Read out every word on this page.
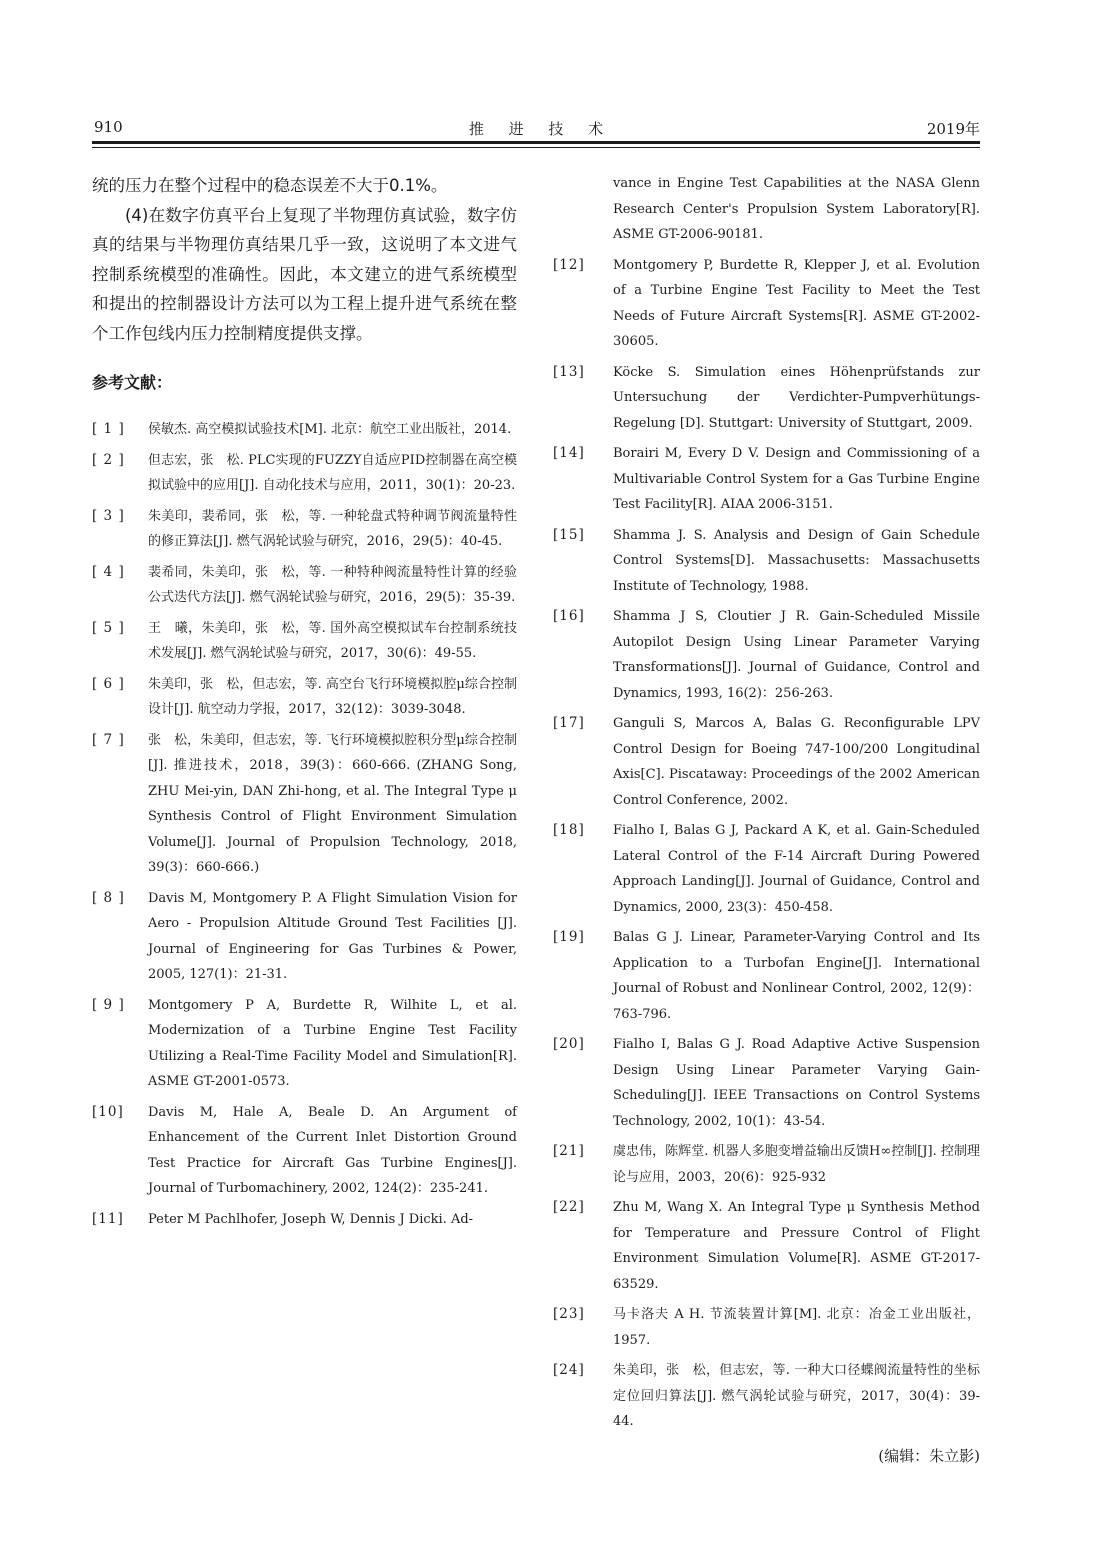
910	推 进 技 术	2019年

统的压力在整个过程中的稳态误差不大于0.1%。

(4)在数字仿真平台上复现了半物理仿真试验，数字仿真的结果与半物理仿真结果几乎一致，这说明了本文进气控制系统模型的准确性。因此，本文建立的进气系统模型和提出的控制器设计方法可以为工程上提升进气系统在整个工作包线内压力控制精度提供支撑。

参考文献：
[ 1 ]	侯敏杰. 高空模拟试验技术[M]. 北京：航空工业出版社，2014.
[ 2 ]	但志宏，张　松. PLC实现的FUZZY自适应PID控制器在高空模拟试验中的应用[J]. 自动化技术与应用，2011，30(1)：20-23.
[ 3 ]	朱美印，裴希同，张　松，等. 一种轮盘式特种调节阀流量特性的修正算法[J]. 燃气涡轮试验与研究，2016，29(5)：40-45.
[ 4 ]	裴希同，朱美印，张　松，等. 一种特种阀流量特性计算的经验公式迭代方法[J]. 燃气涡轮试验与研究，2016，29(5)：35-39.
[ 5 ]	王　曦，朱美印，张　松，等. 国外高空模拟试车台控制系统技术发展[J]. 燃气涡轮试验与研究，2017，30(6)：49-55.
[ 6 ]	朱美印，张　松，但志宏，等. 高空台飞行环境模拟腔μ综合控制设计[J]. 航空动力学报，2017，32(12)：3039-3048.
[ 7 ]	张　松，朱美印，但志宏，等. 飞行环境模拟腔积分型μ综合控制[J]. 推进技术，2018，39(3)：660-666. (ZHANG Song, ZHU Mei-yin, DAN Zhi-hong, et al. The Integral Type μ Synthesis Control of Flight Environment Simulation Volume[J]. Journal of Propulsion Technology, 2018, 39(3)：660-666.)
[ 8 ]	Davis M, Montgomery P. A Flight Simulation Vision for Aero - Propulsion Altitude Ground Test Facilities [J]. Journal of Engineering for Gas Turbines & Power, 2005, 127(1)：21-31.
[ 9 ]	Montgomery P A, Burdette R, Wilhite L, et al. Modernization of a Turbine Engine Test Facility Utilizing a Real-Time Facility Model and Simulation[R]. ASME GT-2001-0573.
[10]	Davis M, Hale A, Beale D. An Argument of Enhancement of the Current Inlet Distortion Ground Test Practice for Aircraft Gas Turbine Engines[J]. Journal of Turbomachinery, 2002, 124(2)：235-241.
[11]	Peter M Pachlhofer, Joseph W, Dennis J Dicki. Ad-
vance in Engine Test Capabilities at the NASA Glenn Research Center's Propulsion System Laboratory[R]. ASME GT-2006-90181.
[12]	Montgomery P, Burdette R, Klepper J, et al. Evolution of a Turbine Engine Test Facility to Meet the Test Needs of Future Aircraft Systems[R]. ASME GT-2002-30605.
[13]	Köcke S. Simulation eines Höhenprüfstands zur Untersuchung der Verdichter-Pumpverhütungs-Regelung [D]. Stuttgart: University of Stuttgart, 2009.
[14]	Borairi M, Every D V. Design and Commissioning of a Multivariable Control System for a Gas Turbine Engine Test Facility[R]. AIAA 2006-3151.
[15]	Shamma J. S. Analysis and Design of Gain Schedule Control Systems[D]. Massachusetts: Massachusetts Institute of Technology, 1988.
[16]	Shamma J S, Cloutier J R. Gain-Scheduled Missile Autopilot Design Using Linear Parameter Varying Transformations[J]. Journal of Guidance, Control and Dynamics, 1993, 16(2)：256-263.
[17]	Ganguli S, Marcos A, Balas G. Reconfigurable LPV Control Design for Boeing 747-100/200 Longitudinal Axis[C]. Piscataway: Proceedings of the 2002 American Control Conference, 2002.
[18]	Fialho I, Balas G J, Packard A K, et al. Gain-Scheduled Lateral Control of the F-14 Aircraft During Powered Approach Landing[J]. Journal of Guidance, Control and Dynamics, 2000, 23(3)：450-458.
[19]	Balas G J. Linear, Parameter-Varying Control and Its Application to a Turbofan Engine[J]. International Journal of Robust and Nonlinear Control, 2002, 12(9)：763-796.
[20]	Fialho I, Balas G J. Road Adaptive Active Suspension Design Using Linear Parameter Varying Gain-Scheduling[J]. IEEE Transactions on Control Systems Technology, 2002, 10(1)：43-54.
[21]	虞忠伟，陈辉堂. 机器人多胞变增益输出反馈H∞控制[J]. 控制理论与应用，2003，20(6)：925-932
[22]	Zhu M, Wang X. An Integral Type μ Synthesis Method for Temperature and Pressure Control of Flight Environment Simulation Volume[R]. ASME GT-2017-63529.
[23]	马卡洛夫 A H. 节流装置计算[M]. 北京：冶金工业出版社，1957.
[24]	朱美印，张　松，但志宏，等. 一种大口径蝶阀流量特性的坐标定位回归算法[J]. 燃气涡轮试验与研究，2017，30(4)：39-44.
(编辑：朱立影)
